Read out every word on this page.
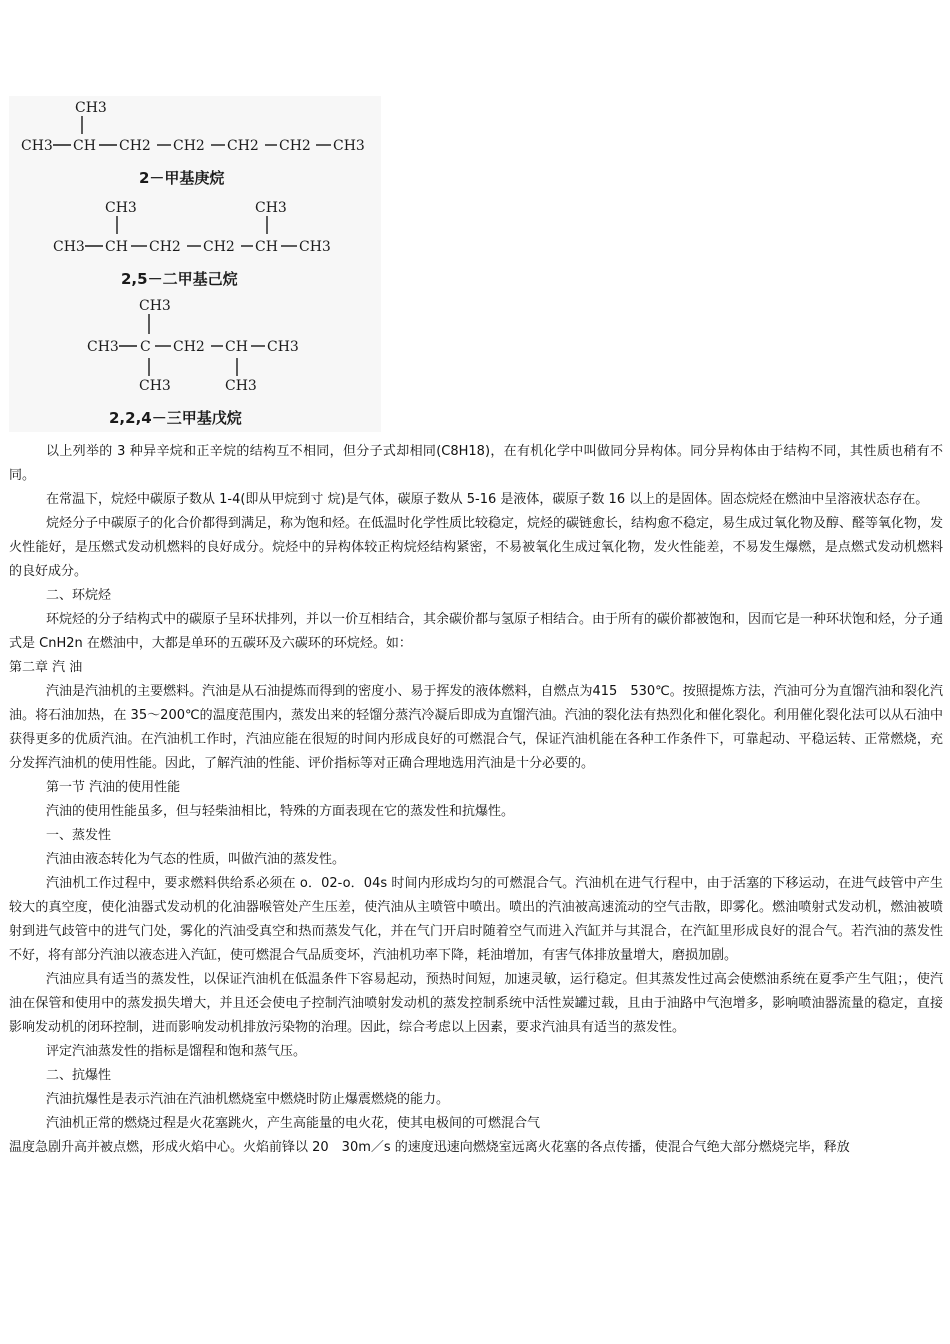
CH3
CH3 CH CH2 CH2 CH2 CH2 CH3
2－甲基庚烷
CH3	CH3
CH3 CH CH2 CH2 CH CH3
2,5－二甲基己烷
CH3
CH3 C CH2 CH CH3
CH3	CH3
2,2,4－三甲基戊烷

以上列举的 3 种异辛烷和正辛烷的结构互不相同，但分子式却相同(C8H18)，在有机化学中叫做同分异构体。同分异构体由于结构不同，其性质也稍有不同。

在常温下，烷烃中碳原子数从 1-4(即从甲烷到寸 烷)是气体，碳原子数从 5-16 是液体，碳原子数 16 以上的是固体。固态烷烃在燃油中呈溶液状态存在。

烷烃分子中碳原子的化合价都得到满足，称为饱和烃。在低温时化学性质比较稳定，烷烃的碳链愈长，结构愈不稳定，易生成过氧化物及醇、醛等氧化物，发火性能好，是压燃式发动机燃料的良好成分。烷烃中的异构体较正构烷烃结构紧密，不易被氧化生成过氧化物，发火性能差，不易发生爆燃，是点燃式发动机燃料的良好成分。

二、环烷烃

环烷烃的分子结构式中的碳原子呈环状排列，并以一价互相结合，其余碳价都与氢原子相结合。由于所有的碳价都被饱和，因而它是一种环状饱和烃，分子通式是 CnH2n 在燃油中，大都是单环的五碳环及六碳环的环烷烃。如：

第二章 汽 油

汽油是汽油机的主要燃料。汽油是从石油提炼而得到的密度小、易于挥发的液体燃料，自燃点为415　530℃。按照提炼方法，汽油可分为直馏汽油和裂化汽油。将石油加热，在 35～200℃的温度范围内，蒸发出来的轻馏分蒸汽冷凝后即成为直馏汽油。汽油的裂化法有热烈化和催化裂化。利用催化裂化法可以从石油中获得更多的优质汽油。在汽油机工作时，汽油应能在很短的时间内形成良好的可燃混合气，保证汽油机能在各种工作条件下，可靠起动、平稳运转、正常燃烧，充分发挥汽油机的使用性能。因此，了解汽油的性能、评价指标等对正确合理地选用汽油是十分必要的。

第一节 汽油的使用性能

汽油的使用性能虽多，但与轻柴油相比，特殊的方面表现在它的蒸发性和抗爆性。

一、蒸发性

汽油由液态转化为气态的性质，叫做汽油的蒸发性。

汽油机工作过程中，要求燃料供给系必须在 o．02-o．04s 时间内形成均匀的可燃混合气。汽油机在进气行程中，由于活塞的下移运动，在进气歧管中产生较大的真空度，使化油器式发动机的化油器喉管处产生压差，使汽油从主喷管中喷出。喷出的汽油被高速流动的空气击散，即雾化。燃油喷射式发动机，燃油被喷射到进气歧管中的进气门处，雾化的汽油受真空和热而蒸发气化，并在气门开启时随着空气而进入汽缸并与其混合，在汽缸里形成良好的混合气。若汽油的蒸发性不好，将有部分汽油以液态进入汽缸，使可燃混合气品质变坏，汽油机功率下降，耗油增加，有害气体排放量增大，磨损加剧。

汽油应具有适当的蒸发性，以保证汽油机在低温条件下容易起动，预热时间短，加速灵敏，运行稳定。但其蒸发性过高会使燃油系统在夏季产生气阻；，使汽油在保管和使用中的蒸发损失增大，并且还会使电子控制汽油喷射发动机的蒸发控制系统中活性炭罐过载，且由于油路中气泡增多，影响喷油器流量的稳定，直接影响发动机的闭环控制，进而影响发动机排放污染物的治理。因此，综合考虑以上因素，要求汽油具有适当的蒸发性。

评定汽油蒸发性的指标是馏程和饱和蒸气压。

二、抗爆性

汽油抗爆性是表示汽油在汽油机燃烧室中燃烧时防止爆震燃烧的能力。

汽油机正常的燃烧过程是火花塞跳火，产生高能量的电火花，使其电极间的可燃混合气

温度急剧升高并被点燃，形成火焰中心。火焰前锋以 20　30m／s 的速度迅速向燃烧室远离火花塞的各点传播，使混合气绝大部分燃烧完毕，释放
